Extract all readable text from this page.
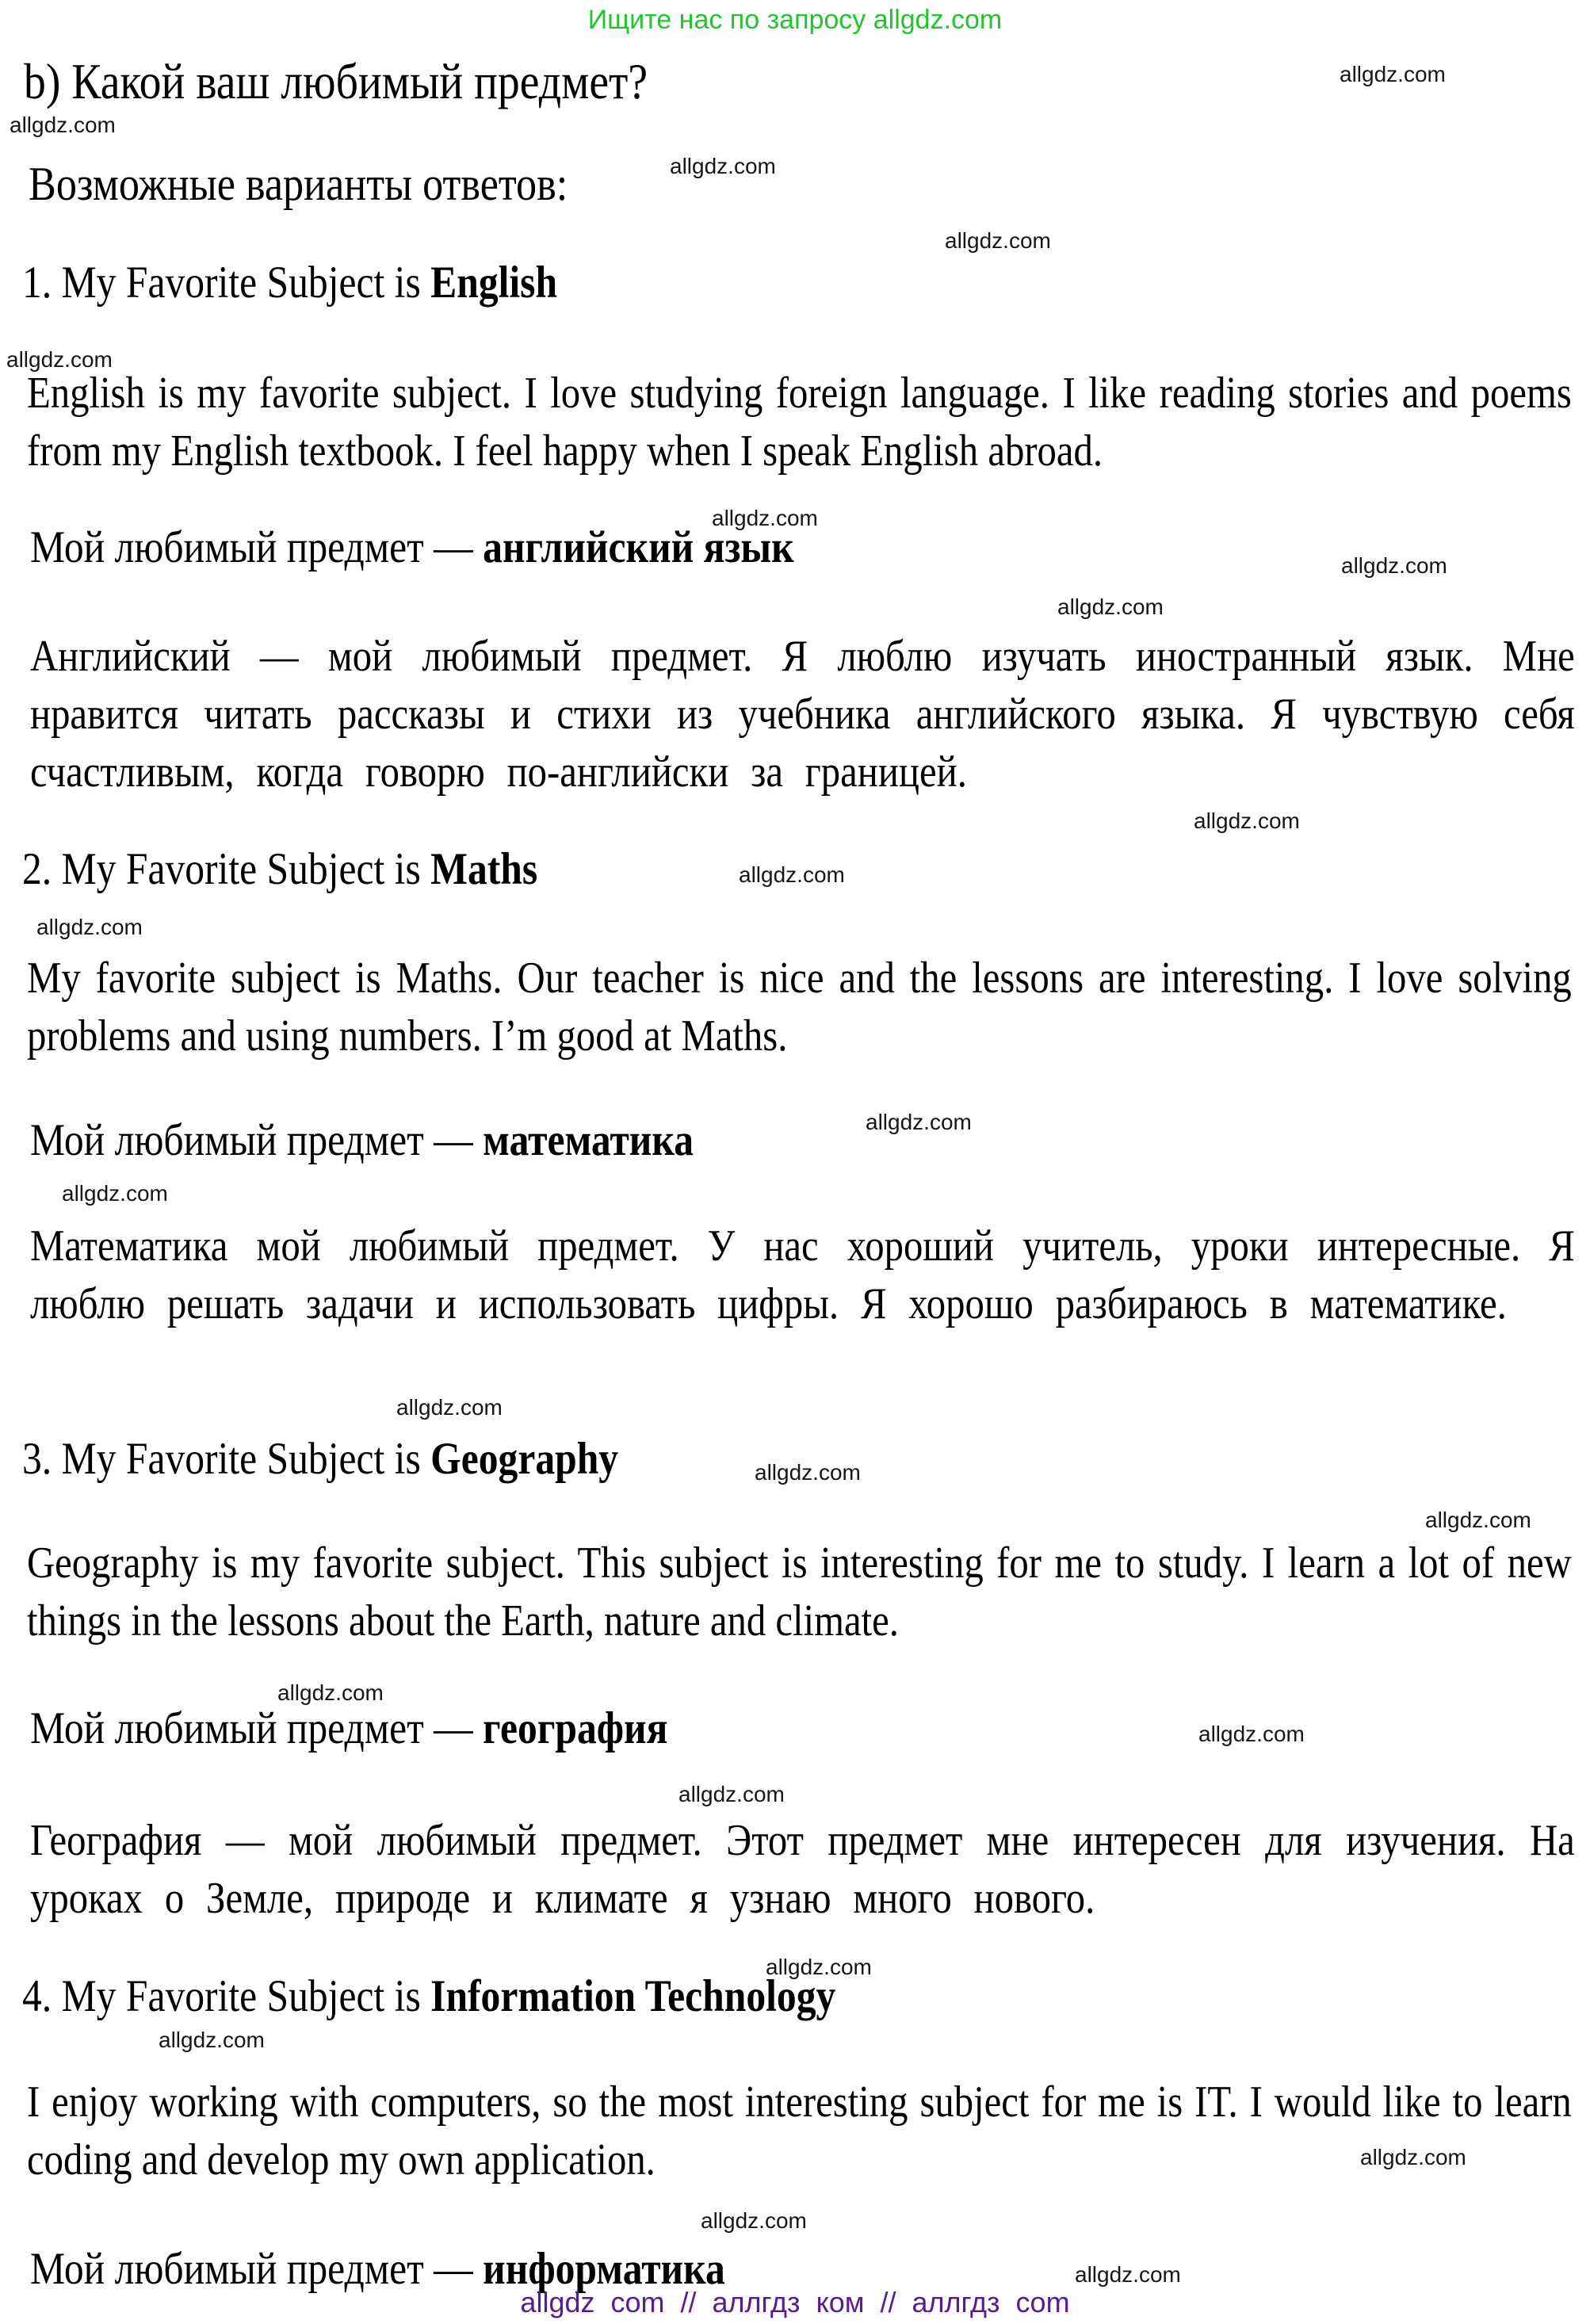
Ищите нас по запросу allgdz.com
allgdz.com
allgdz.com
allgdz.com
allgdz.com
allgdz.com
allgdz.com
allgdz.com
allgdz.com
allgdz.com
allgdz.com
allgdz.com
allgdz.com
allgdz.com
allgdz.com
allgdz.com
allgdz.com
allgdz.com
allgdz.com
allgdz.com
allgdz.com
allgdz.com
allgdz.com
allgdz.com
allgdz.com
b) Какой ваш любимый предмет?
Возможные варианты ответов:
1. My Favorite Subject is English
English is my favorite subject. I love studying foreign language. I like reading stories and poems from my English textbook. I feel happy when I speak English abroad.
Мой любимый предмет — английский язык
Английский — мой любимый предмет. Я люблю изучать иностранный язык. Мне нравится читать рассказы и стихи из учебника английского языка. Я чувствую себя счастливым, когда говорю по-английски за границей.
2. My Favorite Subject is Maths
My favorite subject is Maths. Our teacher is nice and the lessons are interesting. I love solving problems and using numbers. I’m good at Maths.
Мой любимый предмет — математика
Математика мой любимый предмет. У нас хороший учитель, уроки интересные. Я люблю решать задачи и использовать цифры. Я хорошо разбираюсь в математике.
3. My Favorite Subject is Geography
Geography is my favorite subject. This subject is interesting for me to study. I learn a lot of new things in the lessons about the Earth, nature and climate.
Мой любимый предмет — география
География — мой любимый предмет. Этот предмет мне интересен для изучения. На уроках о Земле, природе и климате я узнаю много нового.
4. My Favorite Subject is Information Technology
I enjoy working with computers, so the most interesting subject for me is IT. I would like to learn coding and develop my own application.
Мой любимый предмет — информатика
allgdz com // аллгдз ком // аллгдз com
